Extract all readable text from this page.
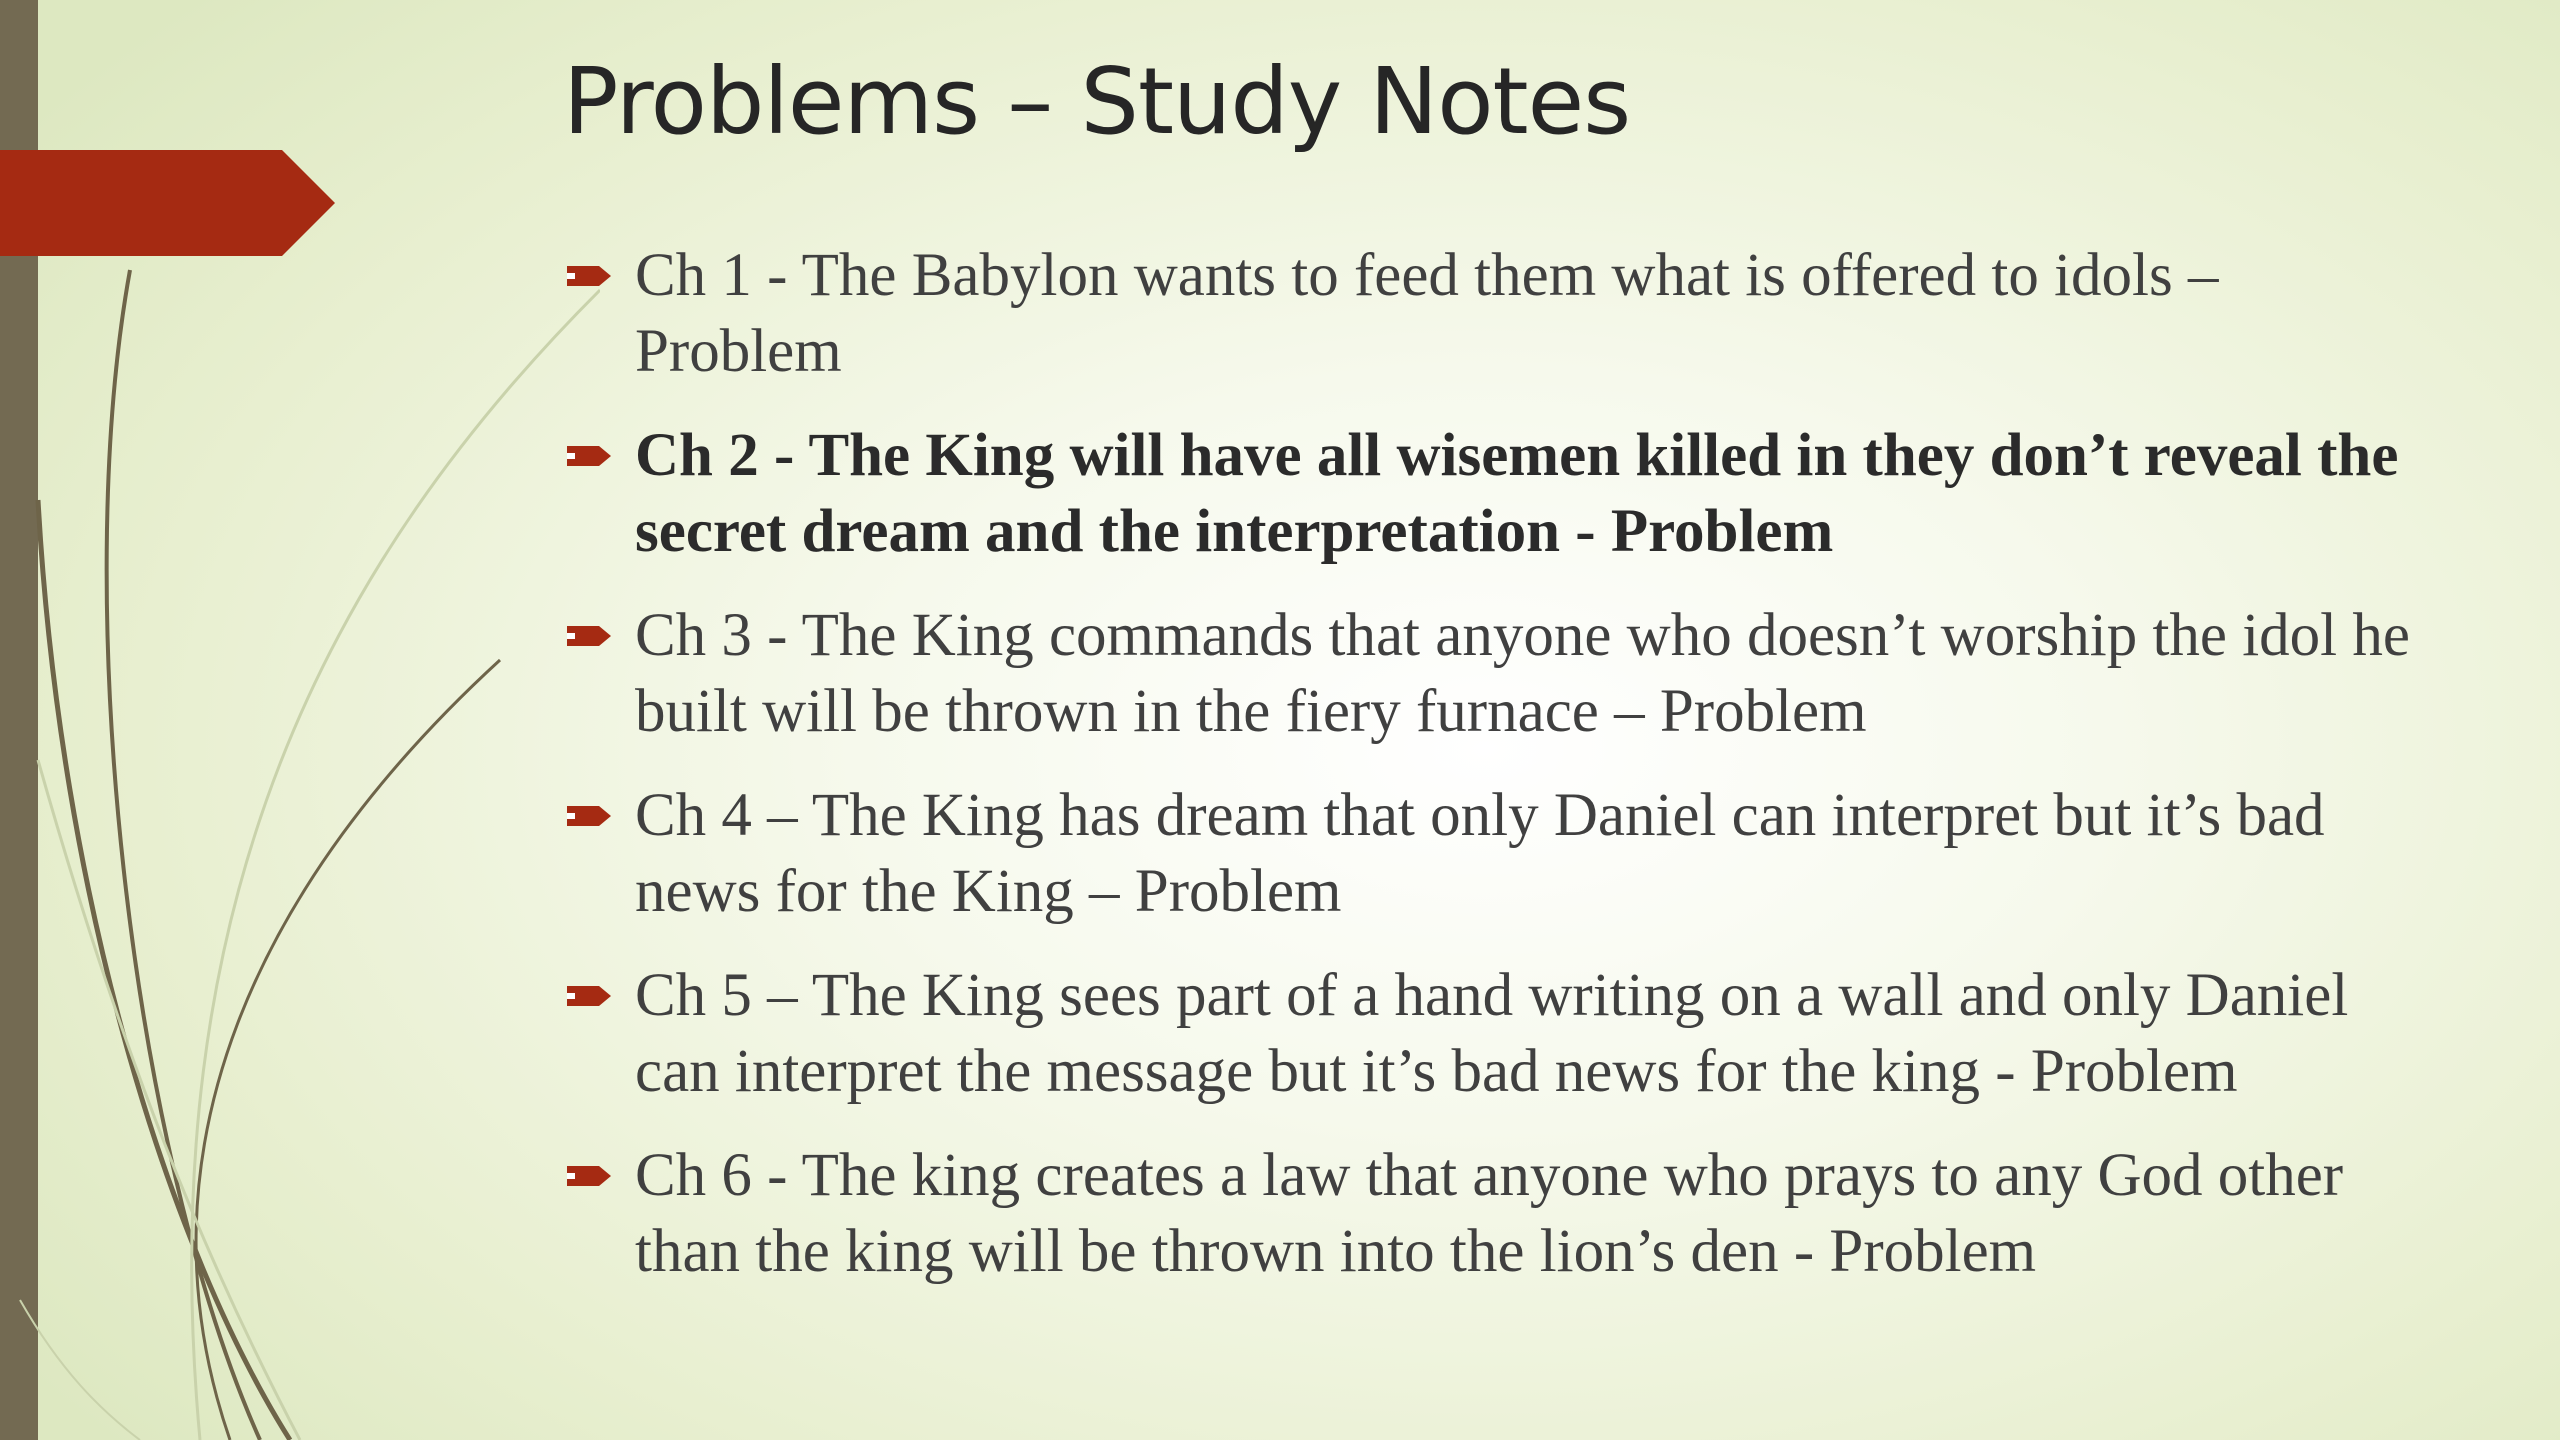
Problems – Study Notes
Ch 1 - The Babylon wants to feed them what is offered to idols – Problem
Ch 2 - The King will have all wisemen killed in they don’t reveal the secret dream and the interpretation - Problem
Ch 3 - The King commands that anyone who doesn’t worship the idol he built will be thrown in the fiery furnace – Problem
Ch 4 – The King has dream that only Daniel can interpret but it’s bad news for the King – Problem
Ch 5 – The King sees part of a hand writing on a wall and only Daniel can interpret the message but it’s bad news for the king - Problem
Ch 6 - The king creates a law that anyone who prays to any God other than the king will be thrown into the lion’s den - Problem
